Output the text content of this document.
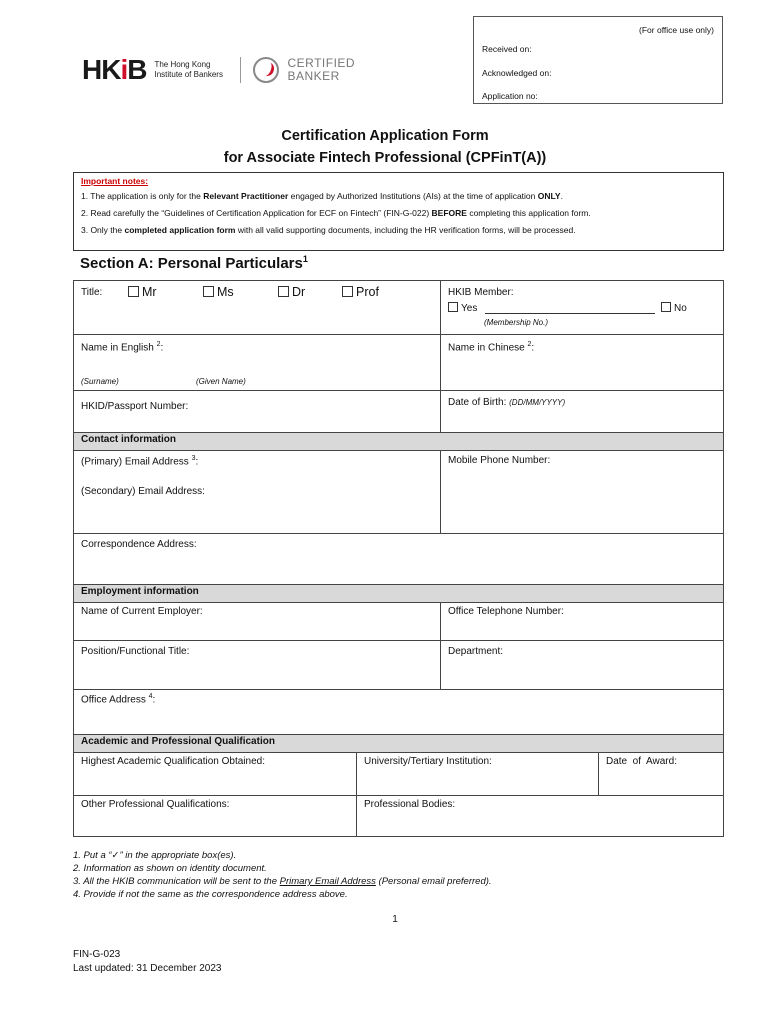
HKiB The Hong Kong
Institute of Bankers
CERTIFIED
BANKER
(For office use only)
Received on:
Acknowledged on:
Application no:
Certification Application Form
for Associate Fintech Professional (CPFinT(A))
Important notes:

1. The application is only for the Relevant Practitioner engaged by Authorized Institutions (AIs) at the time of application ONLY.

2. Read carefully the “Guidelines of Certification Application for ECF on Fintech” (FIN-G-022) BEFORE completing this application form.

3. Only the completed application form with all valid supporting documents, including the HR verification forms, will be processed.

Section A: Personal Particulars$^1$
Title:	Mr	Ms	Dr	Prof	HKIB Member:
Yes	No
(Membership No.)
Name in English $^2$:
(Surname)	(Given Name)
Name in Chinese $^2$:
HKID/Passport Number:	Date of Birth: (DD/MM/YYYY)
Contact information
(Primary) Email Address $^3$:
(Secondary) Email Address:
Mobile Phone Number:
Correspondence Address:
Employment information
Name of Current Employer:	Office Telephone Number:
Position/Functional Title:	Department:
Office Address $^4$:
Academic and Professional Qualification
Highest Academic Qualification Obtained:	University/Tertiary Institution:	Date  of  Award:
Other Professional Qualifications:	Professional Bodies:
1. Put a “✓” in the appropriate box(es).
2. Information as shown on identity document.
3. All the HKIB communication will be sent to the Primary Email Address (Personal email preferred).
4. Provide if not the same as the correspondence address above.
1
FIN-G-023
Last updated: 31 December 2023
